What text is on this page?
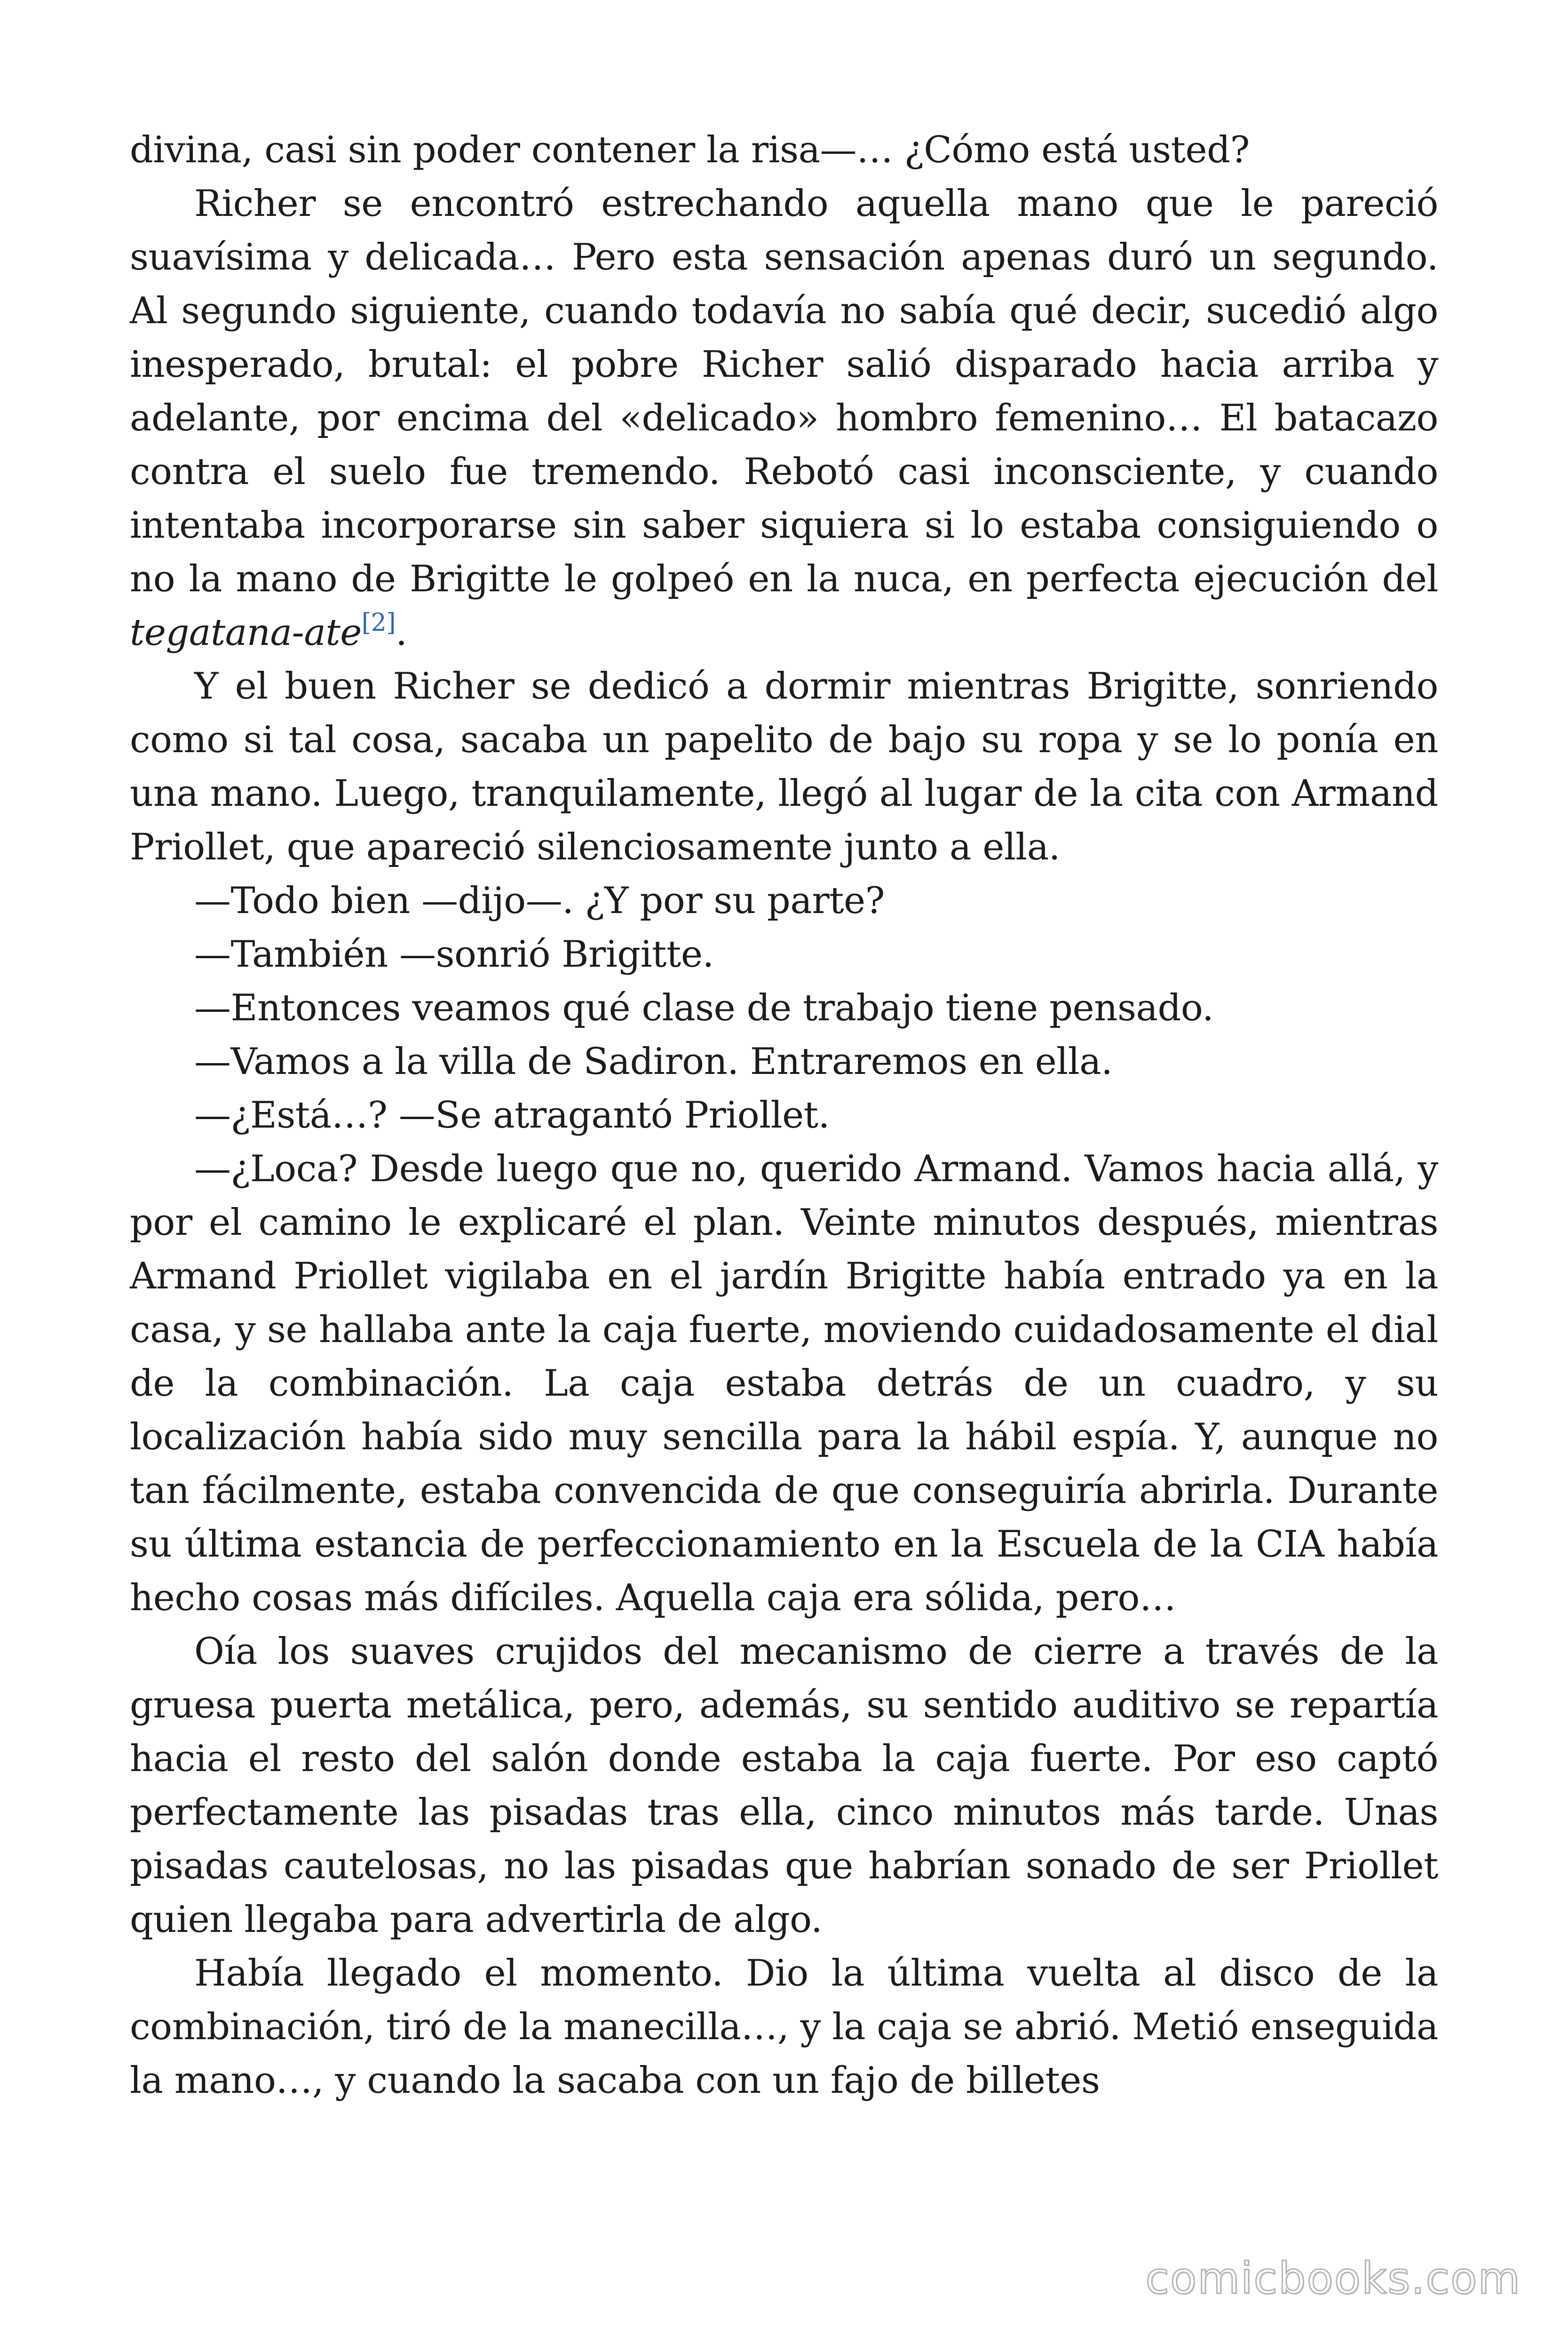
divina, casi sin poder contener la risa—… ¿Cómo está usted?

Richer se encontró estrechando aquella mano que le pareció suavísima y delicada… Pero esta sensación apenas duró un segundo. Al segundo siguiente, cuando todavía no sabía qué decir, sucedió algo inesperado, brutal: el pobre Richer salió disparado hacia arriba y adelante, por encima del «delicado» hombro femenino… El batacazo contra el suelo fue tremendo. Rebotó casi inconsciente, y cuando intentaba incorporarse sin saber siquiera si lo estaba consiguiendo o no la mano de Brigitte le golpeó en la nuca, en perfecta ejecución del tegatana-ate[2].

Y el buen Richer se dedicó a dormir mientras Brigitte, sonriendo como si tal cosa, sacaba un papelito de bajo su ropa y se lo ponía en una mano. Luego, tranquilamente, llegó al lugar de la cita con Armand Priollet, que apareció silenciosamente junto a ella.

—Todo bien —dijo—. ¿Y por su parte?

—También —sonrió Brigitte.

—Entonces veamos qué clase de trabajo tiene pensado.

—Vamos a la villa de Sadiron. Entraremos en ella.

—¿Está…? —Se atragantó Priollet.

—¿Loca? Desde luego que no, querido Armand. Vamos hacia allá, y por el camino le explicaré el plan. Veinte minutos después, mientras Armand Priollet vigilaba en el jardín Brigitte había entrado ya en la casa, y se hallaba ante la caja fuerte, moviendo cuidadosamente el dial de la combinación. La caja estaba detrás de un cuadro, y su localización había sido muy sencilla para la hábil espía. Y, aunque no tan fácilmente, estaba convencida de que conseguiría abrirla. Durante su última estancia de perfeccionamiento en la Escuela de la CIA había hecho cosas más difíciles. Aquella caja era sólida, pero…

Oía los suaves crujidos del mecanismo de cierre a través de la gruesa puerta metálica, pero, además, su sentido auditivo se repartía hacia el resto del salón donde estaba la caja fuerte. Por eso captó perfectamente las pisadas tras ella, cinco minutos más tarde. Unas pisadas cautelosas, no las pisadas que habrían sonado de ser Priollet quien llegaba para advertirla de algo.

Había llegado el momento. Dio la última vuelta al disco de la combinación, tiró de la manecilla…, y la caja se abrió. Metió enseguida la mano…, y cuando la sacaba con un fajo de billetes

comicbooks.com
